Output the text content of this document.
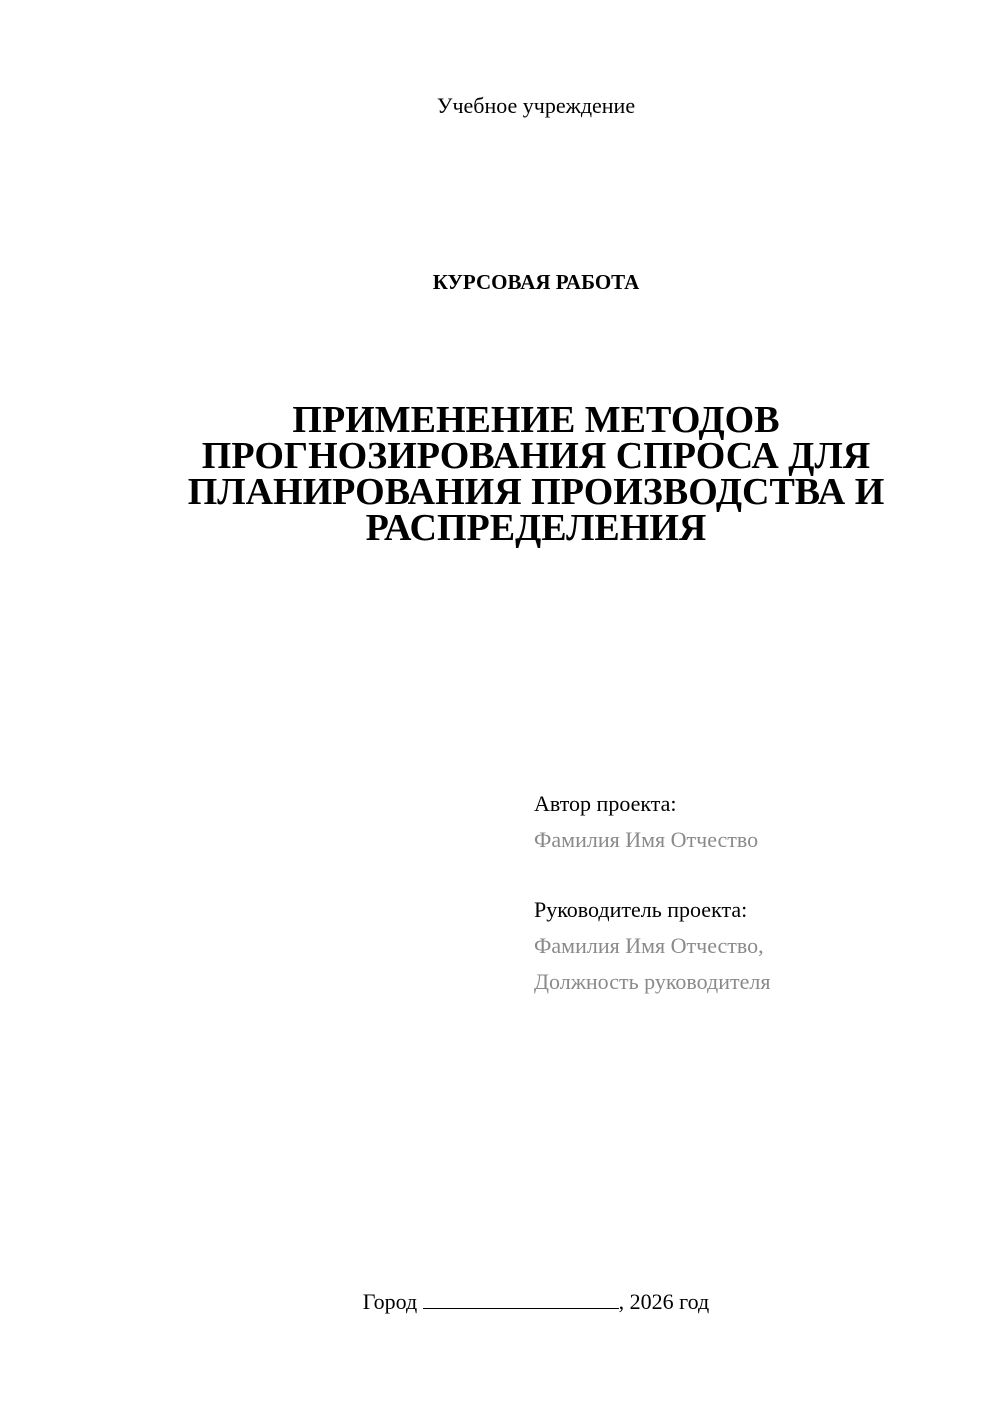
Учебное учреждение
КУРСОВАЯ РАБОТА
ПРИМЕНЕНИЕ МЕТОДОВ
ПРОГНОЗИРОВАНИЯ СПРОСА ДЛЯ
ПЛАНИРОВАНИЯ ПРОИЗВОДСТВА И
РАСПРЕДЕЛЕНИЯ
Автор проекта:
Фамилия Имя Отчество
Руководитель проекта:
Фамилия Имя Отчество,
Должность руководителя
Город	, 2026 год
